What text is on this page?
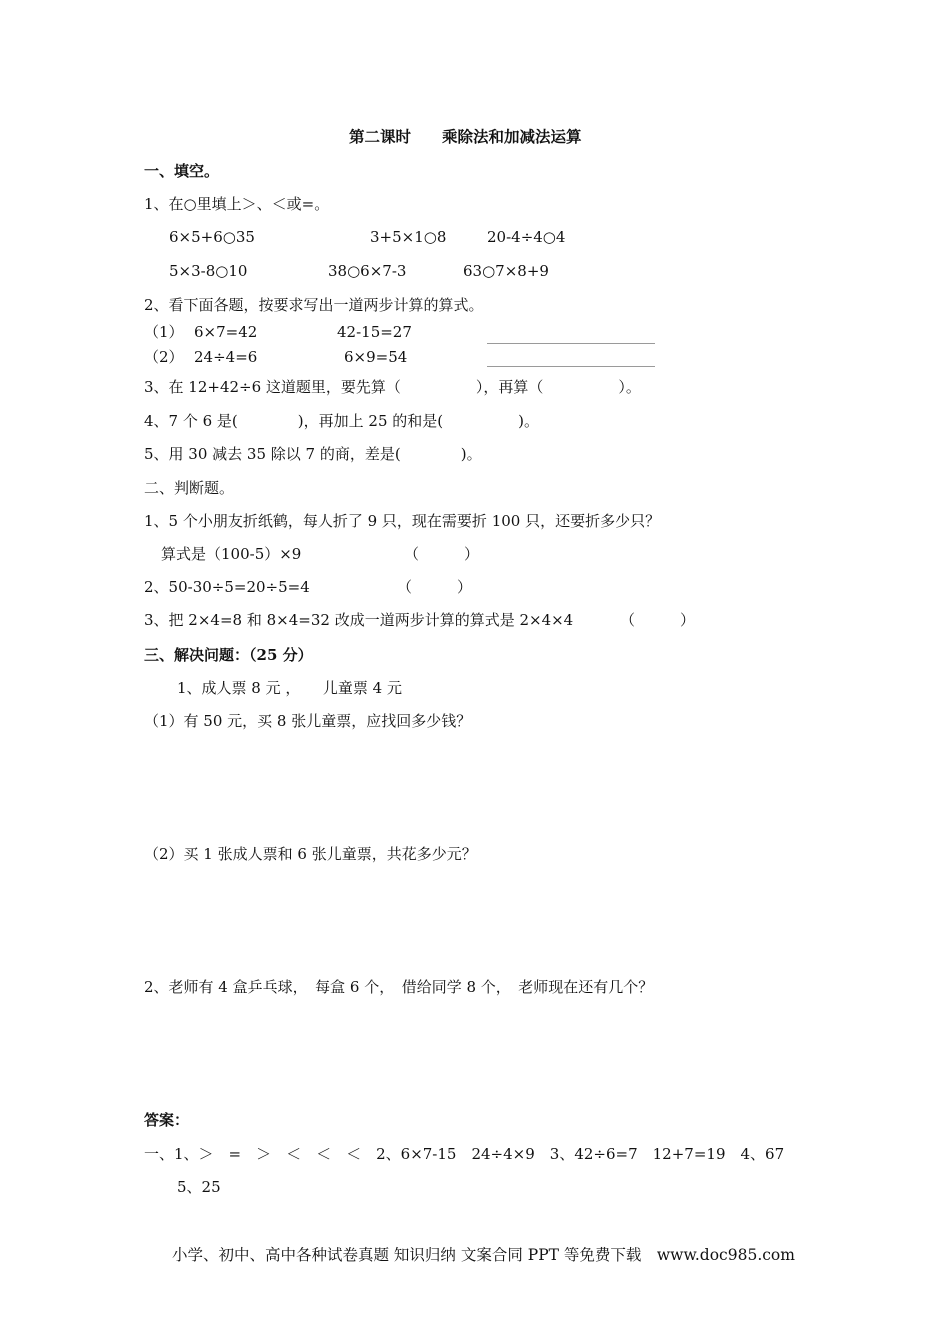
第二课时　　乘除法和加减法运算
一、填空。
1、在○里填上＞、＜或=。
6×5+6○35	3+5×1○8	20-4÷4○4
5×3-8○10	38○6×7-3	63○7×8+9
2、看下面各题，按要求写出一道两步计算的算式。
（1） 6×7=42	42-15=27
（2） 24÷4=6	6×9=54
3、在 12+42÷6 这道题里，要先算（　　　　　），再算（　　　　　）。
4、7 个 6 是(　　　　)，再加上 25 的和是(　　　　　)。
5、用 30 减去 35 除以 7 的商，差是(　　　　)。
二、判断题。
1、5 个小朋友折纸鹤，每人折了 9 只，现在需要折 100 只，还要折多少只？
算式是（100-5）×9	（　　　）
2、50-30÷5=20÷5=4	（　　　）
3、把 2×4=8 和 8×4=32 改成一道两步计算的算式是 2×4×4	（　　　）
三、解决问题：（25 分）
1、成人票 8 元 ，　　儿童票 4 元
（1）有 50 元，买 8 张儿童票，应找回多少钱？
（2）买 1 张成人票和 6 张儿童票，共花多少元？
2、老师有 4 盒乒乓球，　每盒 6 个，　借给同学 8 个，　老师现在还有几个？
答案：
一、1、＞　=　＞　＜　＜　＜　2、6×7-15　24÷4×9　3、42÷6=7　12+7=19　4、67
5、25
小学、初中、高中各种试卷真题 知识归纳 文案合同 PPT 等免费下载　www.doc985.com
